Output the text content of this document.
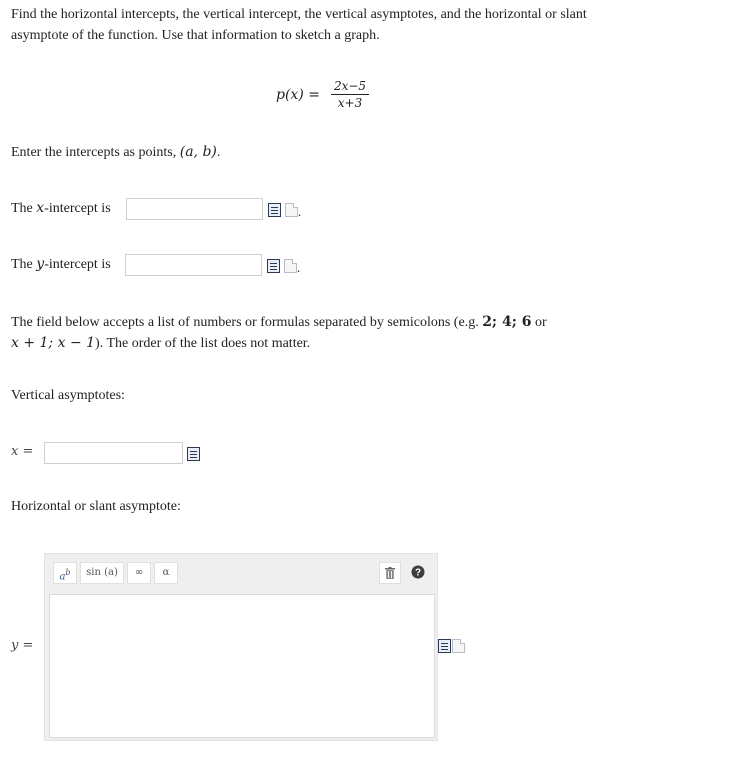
Find the horizontal intercepts, the vertical intercept, the vertical asymptotes, and the horizontal or slant
asymptote of the function. Use that information to sketch a graph.
p(x) =
2x−5
x+3
Enter the intercepts as points, (a, b).
The x-intercept is	.
The y-intercept is	.
The field below accepts a list of numbers or formulas separated by semicolons (e.g. 2; 4; 6 or
x + 1; x − 1). The order of the list does not matter.
Vertical asymptotes:
x =
Horizontal or slant asymptote:
y =
$a^b$	sin (a)	∞	α	?
